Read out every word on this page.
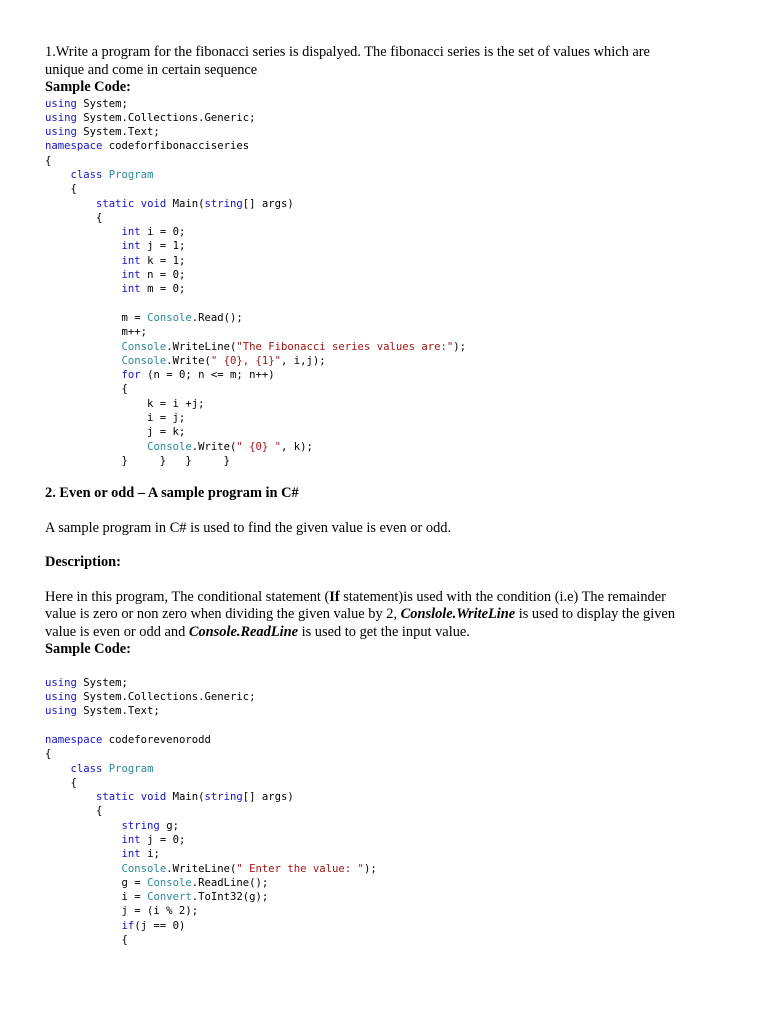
1.Write a program for the fibonacci series is dispalyed. The fibonacci series is the set of values which are

unique and come in certain sequence

Sample Code:

using System;
using System.Collections.Generic;
using System.Text;
namespace codeforfibonacciseries
{
class Program
{
static void Main(string[] args)
{
int i = 0;
int j = 1;
int k = 1;
int n = 0;
int m = 0;
m = Console.Read();
m++;
Console.WriteLine("The Fibonacci series values are:");
Console.Write(" {0}, {1}", i,j);
for (n = 0; n <= m; n++)
{
k = i +j;
i = j;
j = k;
Console.Write(" {0} ", k);
}     }   }     }

2. Even or odd – A sample program in C#

A sample program in C# is used to find the given value is even or odd.

Description:

Here in this program, The conditional statement (If statement)is used with the condition (i.e) The remainder
value is zero or non zero when dividing the given value by 2, Conslole.WriteLine is used to display the given
value is even or odd and Console.ReadLine is used to get the input value.

Sample Code:

using System;
using System.Collections.Generic;
using System.Text;
namespace codeforevenorodd
{
class Program
{
static void Main(string[] args)
{
string g;
int j = 0;
int i;
Console.WriteLine(" Enter the value: ");
g = Console.ReadLine();
i = Convert.ToInt32(g);
j = (i % 2);
if(j == 0)
{
